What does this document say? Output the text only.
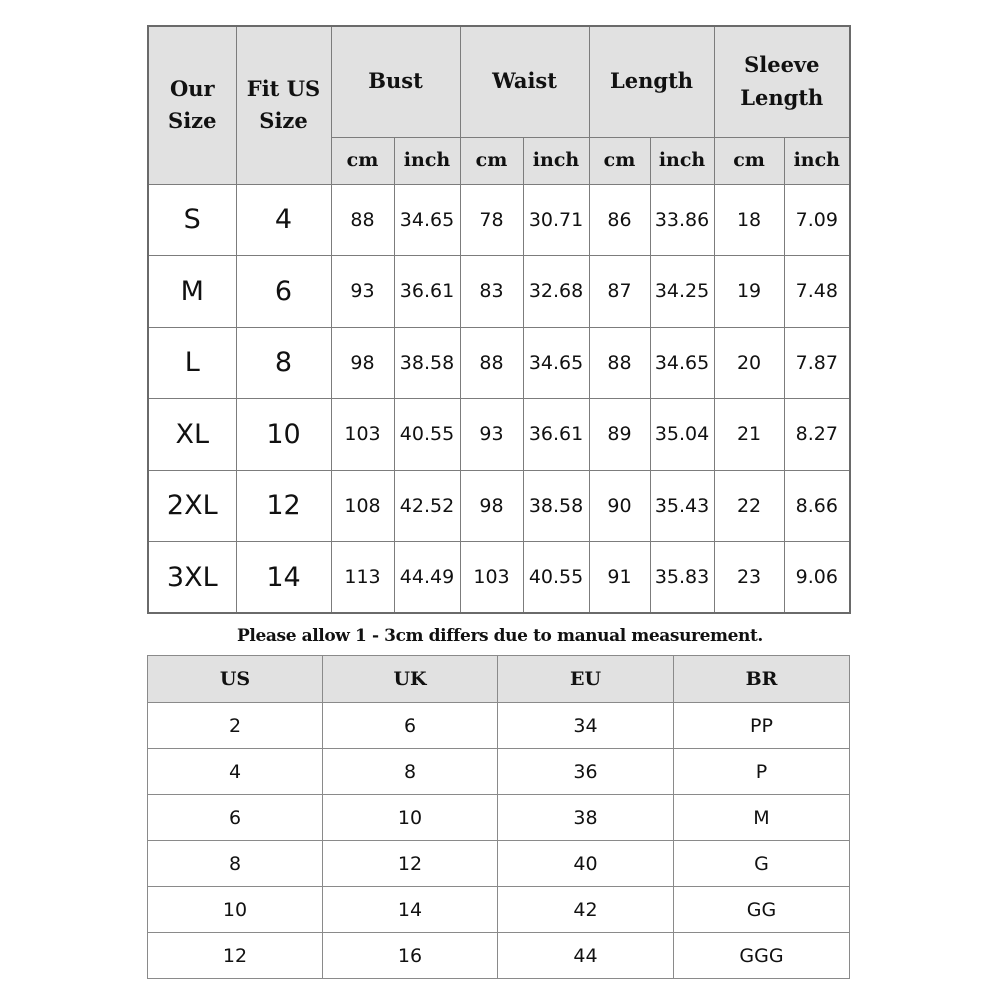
Our Size	Fit US Size	Bust		Waist		Length		Sleeve Length	
		cm	inch	cm	inch	cm	inch	cm	inch
S	4	88	34.65	78	30.71	86	33.86	18	7.09
M	6	93	36.61	83	32.68	87	34.25	19	7.48
L	8	98	38.58	88	34.65	88	34.65	20	7.87
XL	10	103	40.55	93	36.61	89	35.04	21	8.27
2XL	12	108	42.52	98	38.58	90	35.43	22	8.66
3XL	14	113	44.49	103	40.55	91	35.83	23	9.06
Please allow 1 - 3cm differs due to manual measurement.
US	UK	EU	BR
2	6	34	PP
4	8	36	P
6	10	38	M
8	12	40	G
10	14	42	GG
12	16	44	GGG
